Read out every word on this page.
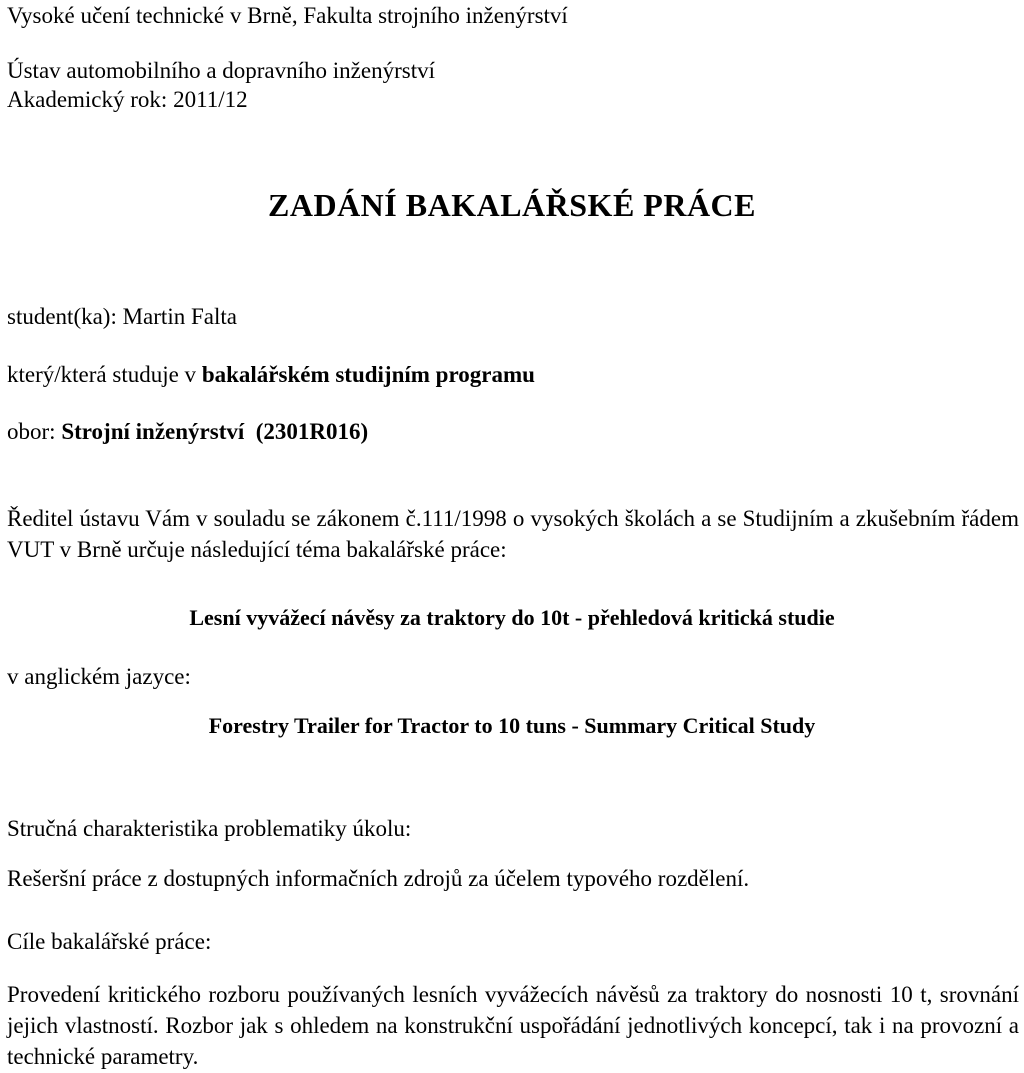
Vysoké učení technické v Brně, Fakulta strojního inženýrství
Ústav automobilního a dopravního inženýrství
Akademický rok: 2011/12
ZADÁNÍ BAKALÁŘSKÉ PRÁCE
student(ka): Martin Falta
který/která studuje v bakalářském studijním programu
obor: Strojní inženýrství (2301R016)
Ředitel ústavu Vám v souladu se zákonem č.111/1998 o vysokých školách a se Studijním a zkušebním řádem VUT v Brně určuje následující téma bakalářské práce:
Lesní vyvážecí návěsy za traktory do 10t - přehledová kritická studie
v anglickém jazyce:
Forestry Trailer for Tractor to 10 tuns - Summary Critical Study
Stručná charakteristika problematiky úkolu:
Rešeršní práce z dostupných informačních zdrojů za účelem typového rozdělení.
Cíle bakalářské práce:
Provedení kritického rozboru používaných lesních vyvážecích návěsů za traktory do nosnosti 10 t, srovnání jejich vlastností. Rozbor jak s ohledem na konstrukční uspořádání jednotlivých koncepcí, tak i na provozní a technické parametry.
